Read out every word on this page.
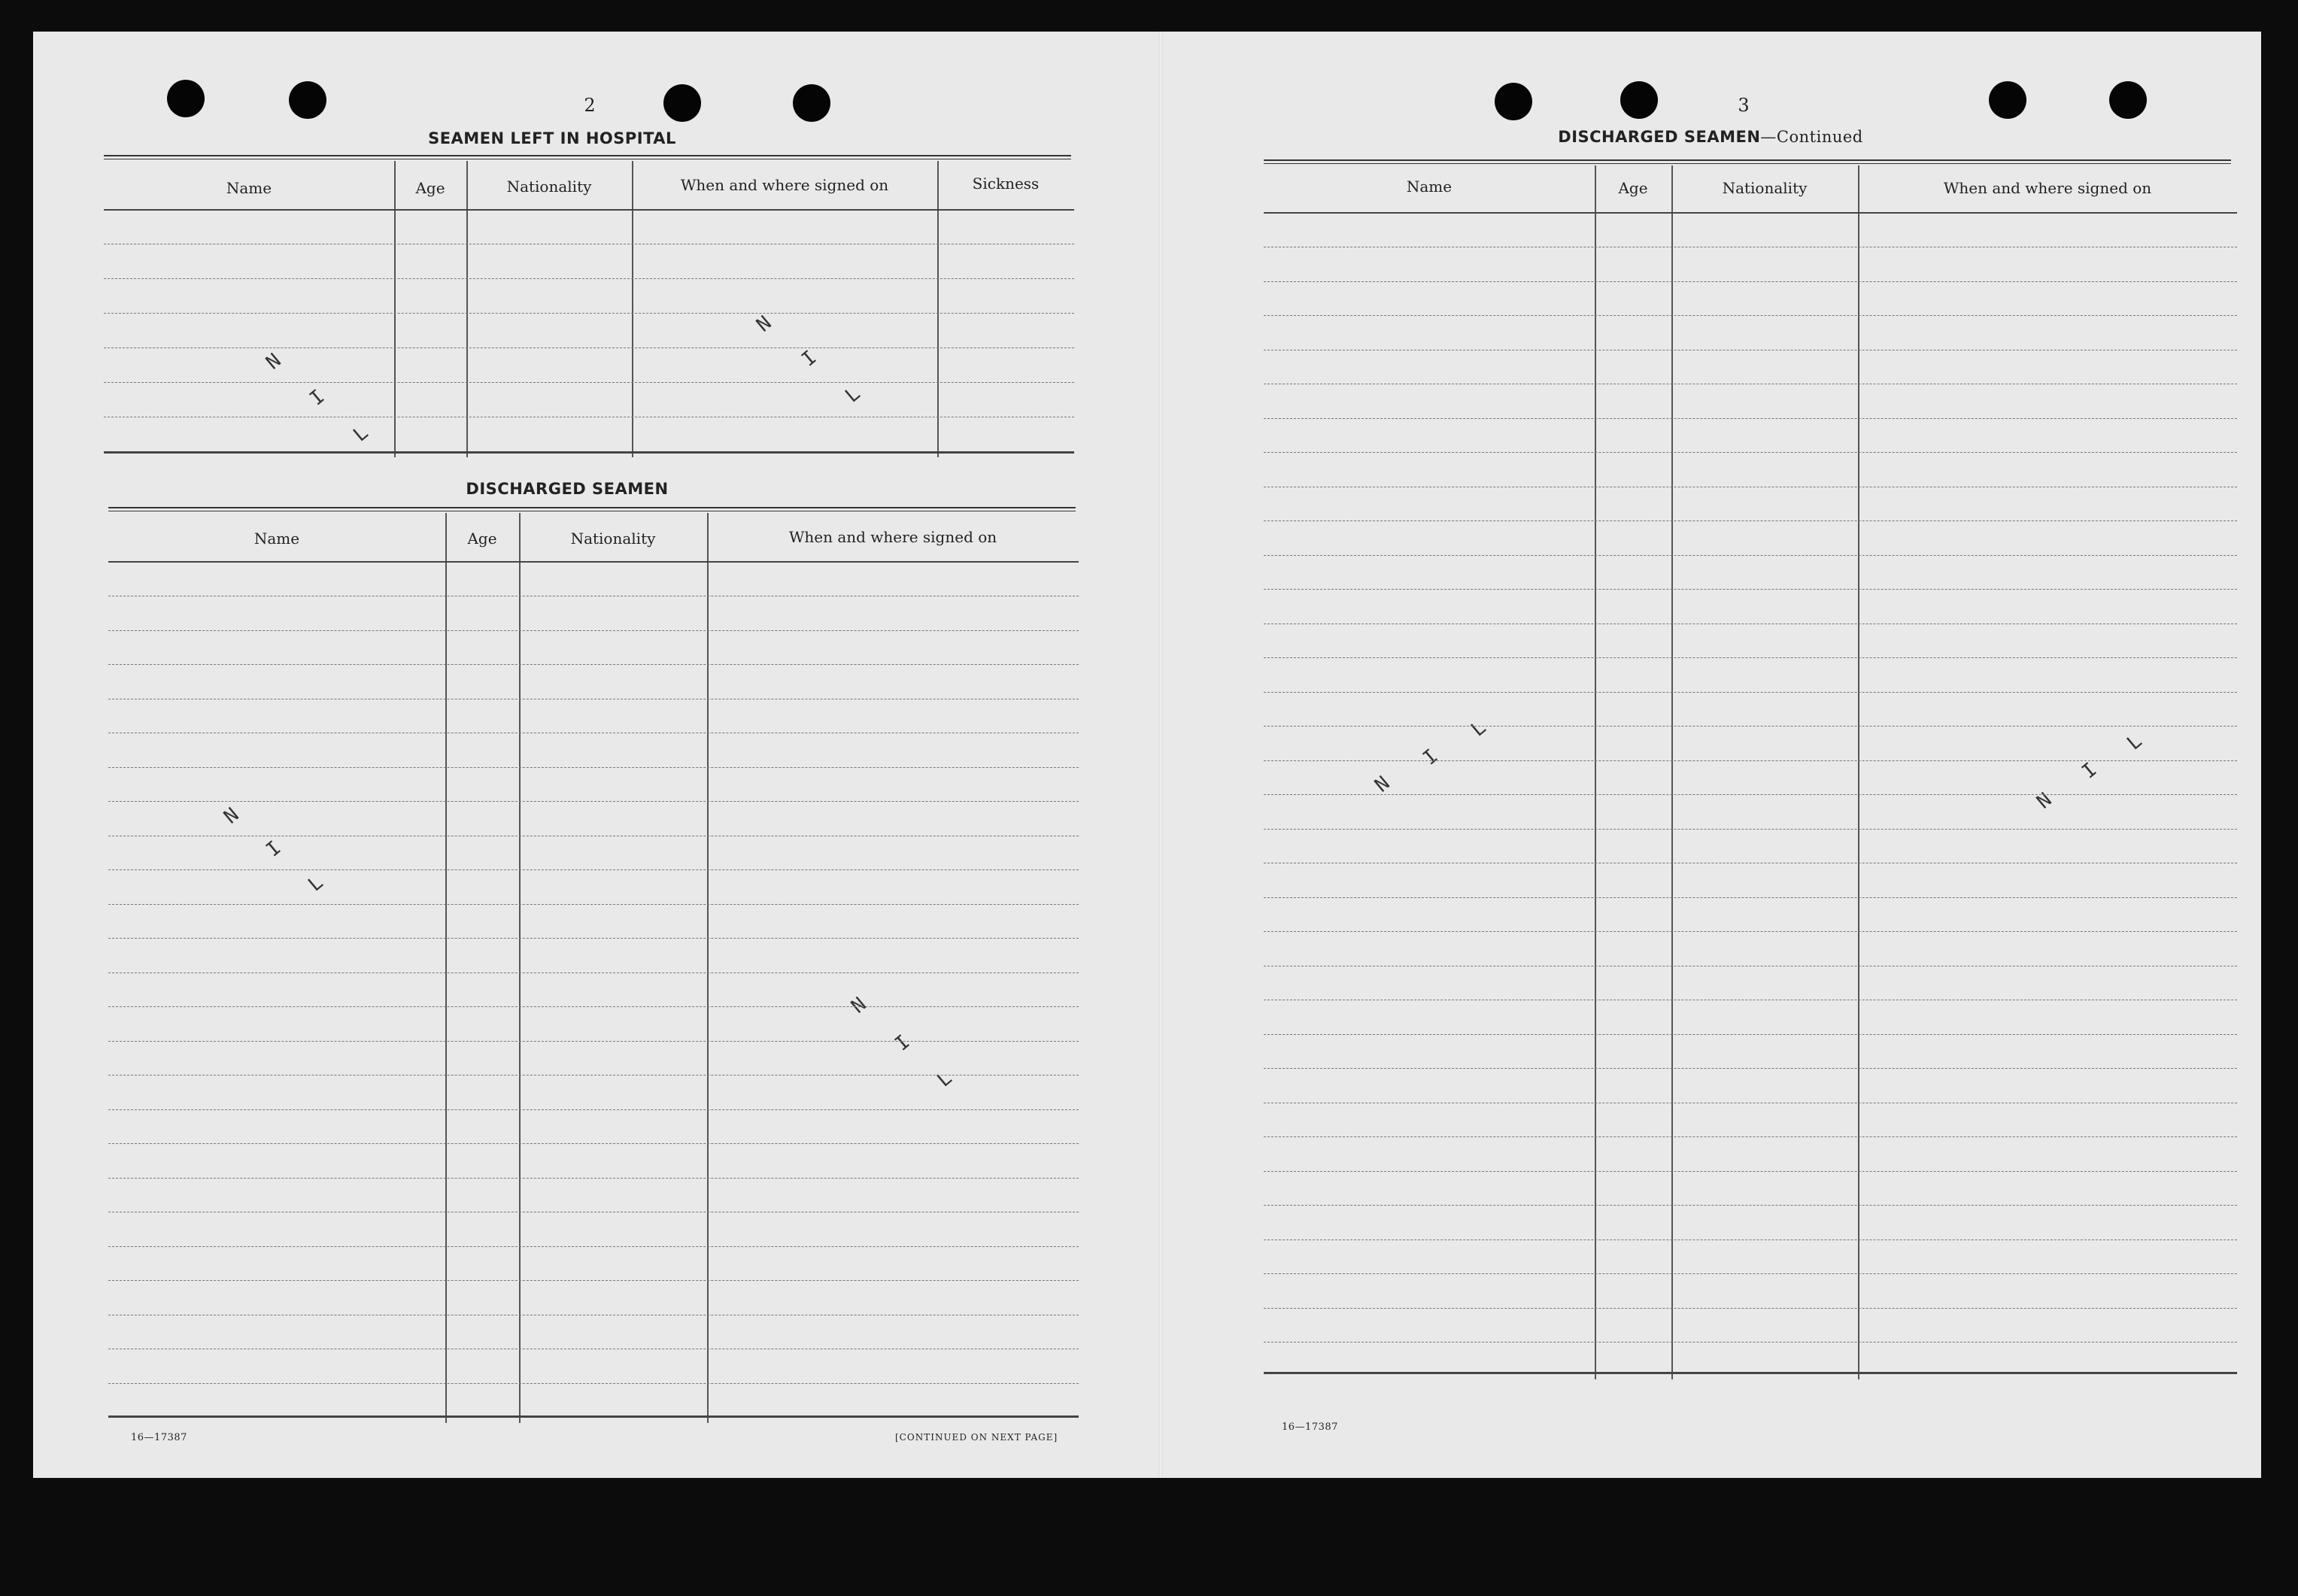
2
SEAMEN LEFT IN HOSPITAL
Name	Age	Nationality	When and where signed on	Sickness
N
I
L
N
I
L
DISCHARGED SEAMEN
Name	Age	Nationality	When and where signed on
N
I
L
N
I
L
16—17387	[CONTINUED ON NEXT PAGE]
3
DISCHARGED SEAMEN—Continued
Name	Age	Nationality	When and where signed on
N
I
L
N
I
L
16—17387
